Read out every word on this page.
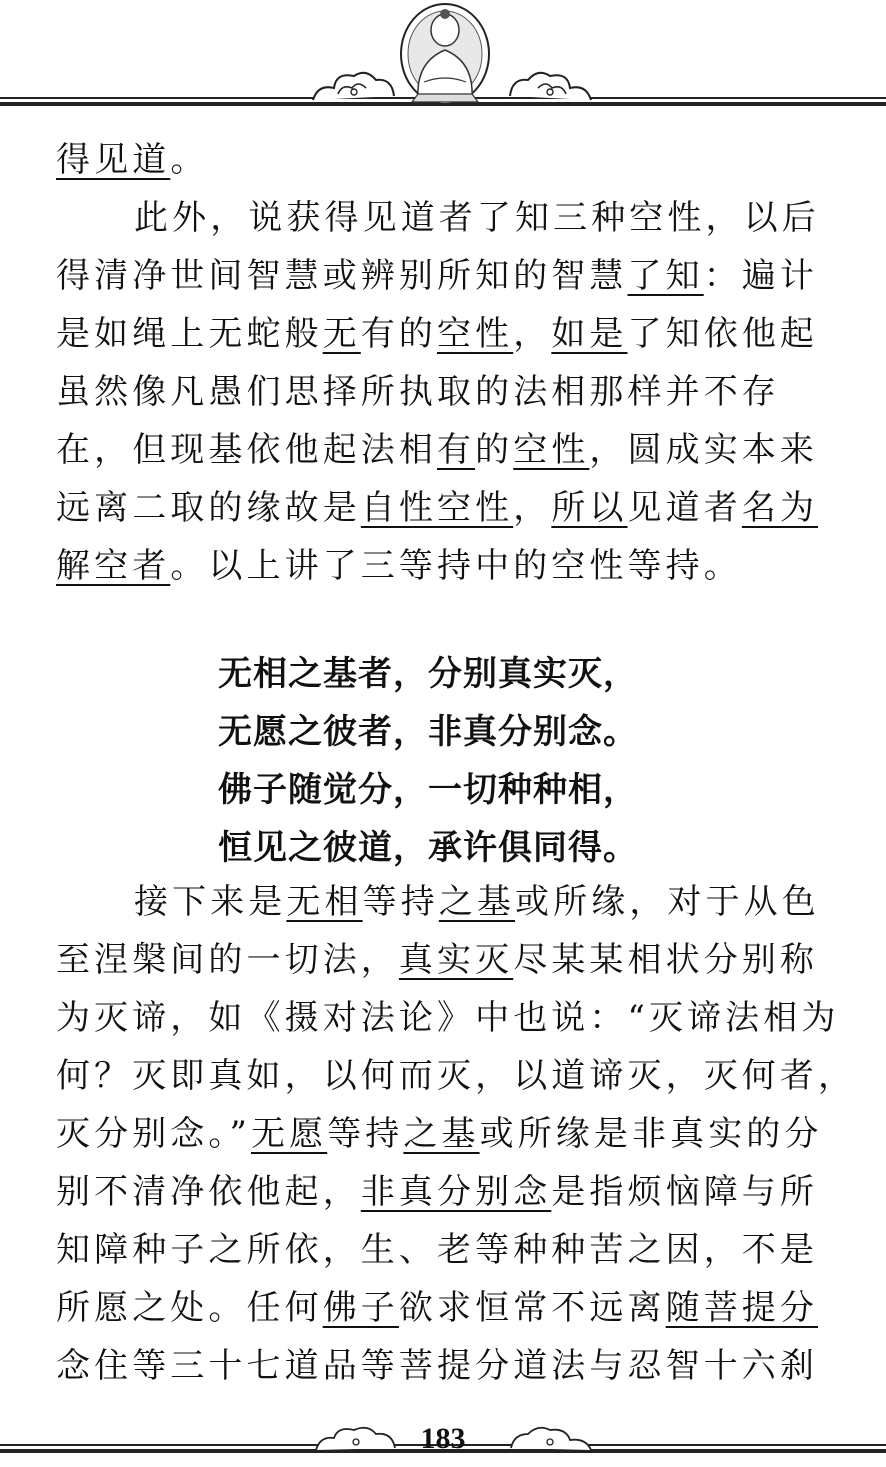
得见道。
此外，说获得见道者了知三种空性，以后
得清净世间智慧或辨别所知的智慧了知：遍计
是如绳上无蛇般无有的空性，如是了知依他起
虽然像凡愚们思择所执取的法相那样并不存
在，但现基依他起法相有的空性，圆成实本来
远离二取的缘故是自性空性，所以见道者名为
解空者。以上讲了三等持中的空性等持。
无相之基者，分别真实灭，
无愿之彼者，非真分别念。
佛子随觉分，一切种种相，
恒见之彼道，承许俱同得。
接下来是无相等持之基或所缘，对于从色
至涅槃间的一切法，真实灭尽某某相状分别称
为灭谛，如《摄对法论》中也说：“灭谛法相为
何？灭即真如，以何而灭，以道谛灭，灭何者，
灭分别念。”无愿等持之基或所缘是非真实的分
别不清净依他起，非真分别念是指烦恼障与所
知障种子之所依，生、老等种种苦之因，不是
所愿之处。任何佛子欲求恒常不远离随菩提分
念住等三十七道品等菩提分道法与忍智十六刹
183
